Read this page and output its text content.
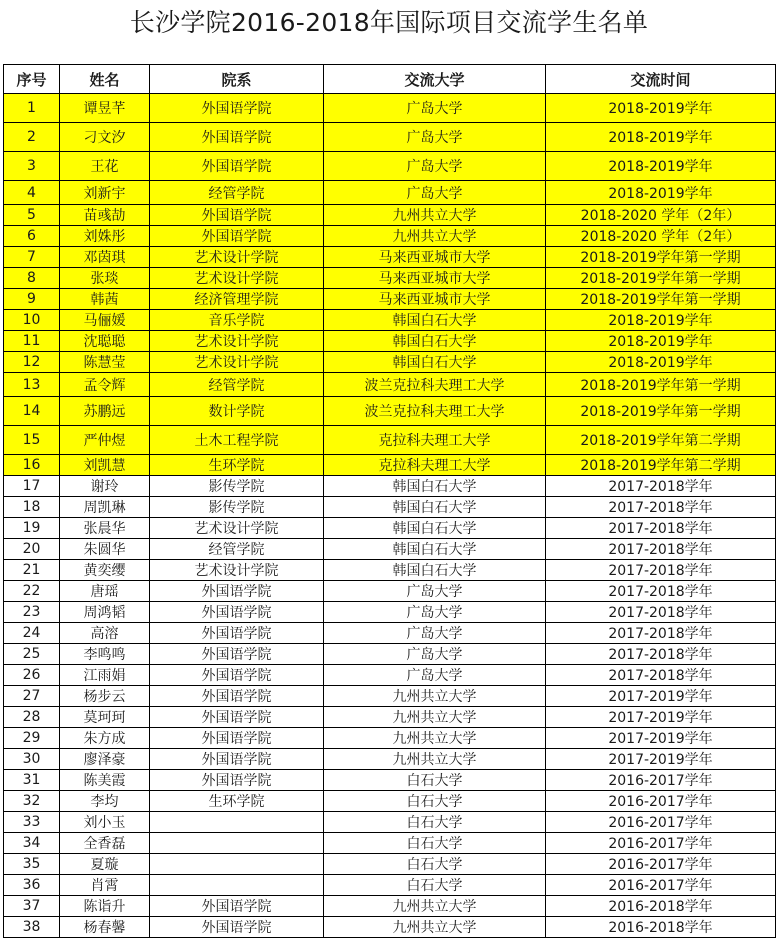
长沙学院2016-2018年国际项目交流学生名单
序号	姓名	院系	交流大学	交流时间
1	谭昱芊	外国语学院	广岛大学	2018-2019学年
2	刁文汐	外国语学院	广岛大学	2018-2019学年
3	王花	外国语学院	广岛大学	2018-2019学年
4	刘新宇	经管学院	广岛大学	2018-2019学年
5	苗彧劼	外国语学院	九州共立大学	2018-2020 学年（2年）
6	刘姝彤	外国语学院	九州共立大学	2018-2020 学年（2年）
7	邓茵琪	艺术设计学院	马来西亚城市大学	2018-2019学年第一学期
8	张琰	艺术设计学院	马来西亚城市大学	2018-2019学年第一学期
9	韩茜	经济管理学院	马来西亚城市大学	2018-2019学年第一学期
10	马俪媛	音乐学院	韩国白石大学	2018-2019学年
11	沈聪聪	艺术设计学院	韩国白石大学	2018-2019学年
12	陈慧莹	艺术设计学院	韩国白石大学	2018-2019学年
13	孟令辉	经管学院	波兰克拉科夫理工大学	2018-2019学年第一学期
14	苏鹏远	数计学院	波兰克拉科夫理工大学	2018-2019学年第一学期
15	严仲煜	土木工程学院	克拉科夫理工大学	2018-2019学年第二学期
16	刘凯慧	生环学院	克拉科夫理工大学	2018-2019学年第二学期
17	谢玲	影传学院	韩国白石大学	2017-2018学年
18	周凯琳	影传学院	韩国白石大学	2017-2018学年
19	张晨华	艺术设计学院	韩国白石大学	2017-2018学年
20	朱圆华	经管学院	韩国白石大学	2017-2018学年
21	黄奕缨	艺术设计学院	韩国白石大学	2017-2018学年
22	唐瑶	外国语学院	广岛大学	2017-2018学年
23	周鸿韬	外国语学院	广岛大学	2017-2018学年
24	高溶	外国语学院	广岛大学	2017-2018学年
25	李鸣鸣	外国语学院	广岛大学	2017-2018学年
26	江雨娟	外国语学院	广岛大学	2017-2018学年
27	杨步云	外国语学院	九州共立大学	2017-2019学年
28	莫珂珂	外国语学院	九州共立大学	2017-2019学年
29	朱方成	外国语学院	九州共立大学	2017-2019学年
30	廖泽豪	外国语学院	九州共立大学	2017-2019学年
31	陈美霞	外国语学院	白石大学	2016-2017学年
32	李均	生环学院	白石大学	2016-2017学年
33	刘小玉		白石大学	2016-2017学年
34	全香磊		白石大学	2016-2017学年
35	夏璇		白石大学	2016-2017学年
36	肖霄		白石大学	2016-2017学年
37	陈诣升	外国语学院	九州共立大学	2016-2018学年
38	杨春馨	外国语学院	九州共立大学	2016-2018学年
